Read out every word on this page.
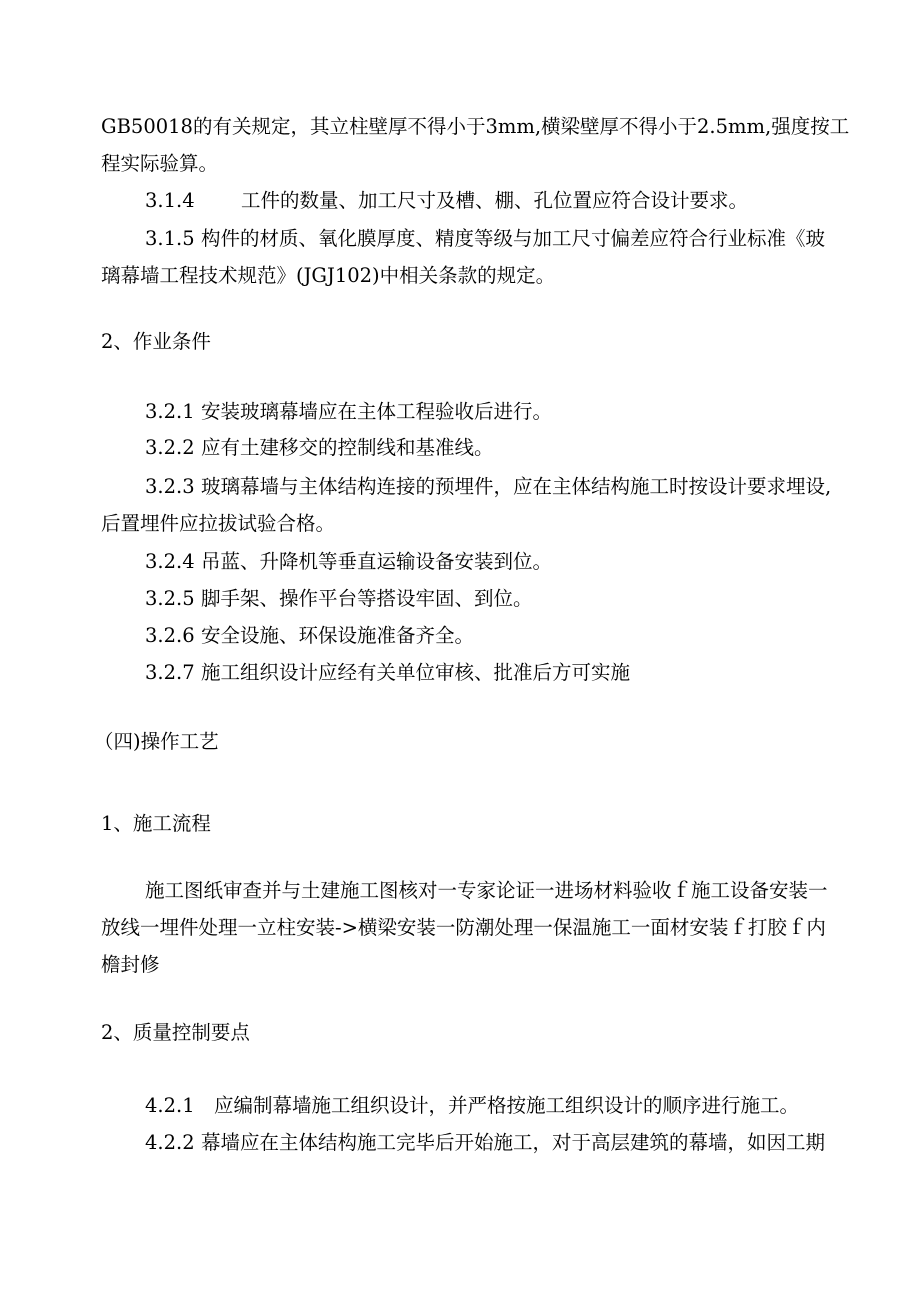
GB50018的有关规定，其立柱壁厚不得小于3mm,横梁壁厚不得小于2.5mm,强度按工
程实际验算。
3.1.4 工件的数量、加工尺寸及槽、棚、孔位置应符合设计要求。
3.1.5 构件的材质、氧化膜厚度、精度等级与加工尺寸偏差应符合行业标准《玻
璃幕墙工程技术规范》(JGJ102)中相关条款的规定。
2、作业条件
3.2.1 安装玻璃幕墙应在主体工程验收后进行。
3.2.2 应有土建移交的控制线和基准线。
3.2.3 玻璃幕墙与主体结构连接的预埋件，应在主体结构施工时按设计要求埋设,
后置埋件应拉拔试验合格。
3.2.4 吊蓝、升降机等垂直运输设备安装到位。
3.2.5 脚手架、操作平台等搭设牢固、到位。
3.2.6 安全设施、环保设施准备齐全。
3.2.7 施工组织设计应经有关单位审核、批准后方可实施
（四)操作工艺
1、施工流程
施工图纸审查并与土建施工图核对一专家论证一进场材料验收ｆ施工设备安装一
放线一埋件处理一立柱安装->横梁安装一防潮处理一保温施工一面材安装ｆ打胶ｆ内
檐封修
2、质量控制要点
4.2.1 应编制幕墙施工组织设计，并严格按施工组织设计的顺序进行施工。
4.2.2 幕墙应在主体结构施工完毕后开始施工，对于高层建筑的幕墙，如因工期
